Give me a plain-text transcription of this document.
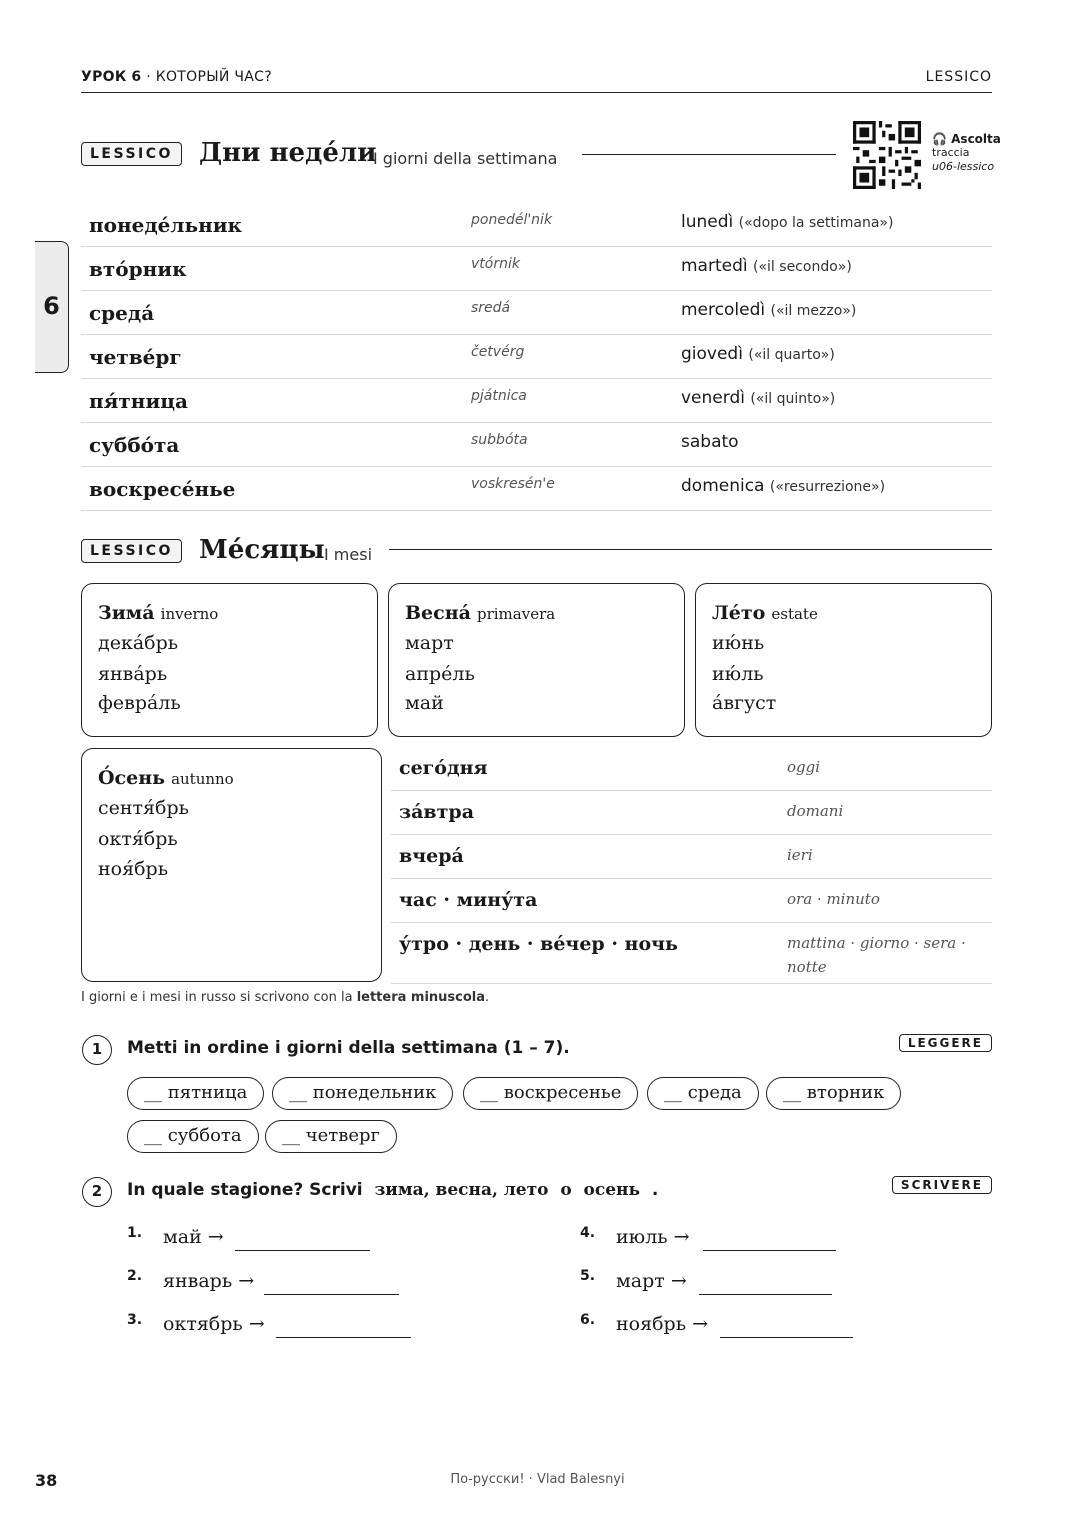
УРОК 6 · КОТОРЫЙ ЧАС?	LESSICO
6
LESSICO	Дни неде́ли
I giorni della settimana
🎧 Ascolta
traccia
u06-lessico
понеде́льник	ponedél'nik	lunedì («dopo la settimana»)
вто́рник	vtórnik	martedì («il secondo»)
среда́	sredá	mercoledì («il mezzo»)
четве́рг	četvérg	giovedì («il quarto»)
пя́тница	pjátnica	venerdì («il quinto»)
суббо́та	subbóta	sabato
воскресе́нье	voskresén'e	domenica («resurrezione»)
LESSICO	Ме́сяцы I mesi
Зима́ inverno
дека́брь
янва́рь
февра́ль
Весна́ primavera
март
апре́ль
май
Ле́то estate
ию́нь
ию́ль
а́вгуст
О́сень autunno
сентя́брь
октя́брь
ноя́брь
сего́дня	oggi
за́втра	domani
вчера́	ieri
час · мину́та	ora · minuto
у́тро · день · ве́чер · ночь	mattina · giorno · sera · notte
I giorni e i mesi in russo si scrivono con la lettera minuscola.
1	Metti in ordine i giorni della settimana (1 – 7).	LEGGERE
__ пятница	__ понедельник	__ воскресенье	__ среда	__ вторник
__ суббота	__ четверг
2	In quale stagione? Scrivi зима, весна, лето o осень .	SCRIVERE
1. май →
2. январь →
3. октябрь →
4. июль →
5. март →
6. ноябрь →
38	По-русски! · Vlad Balesnyi
